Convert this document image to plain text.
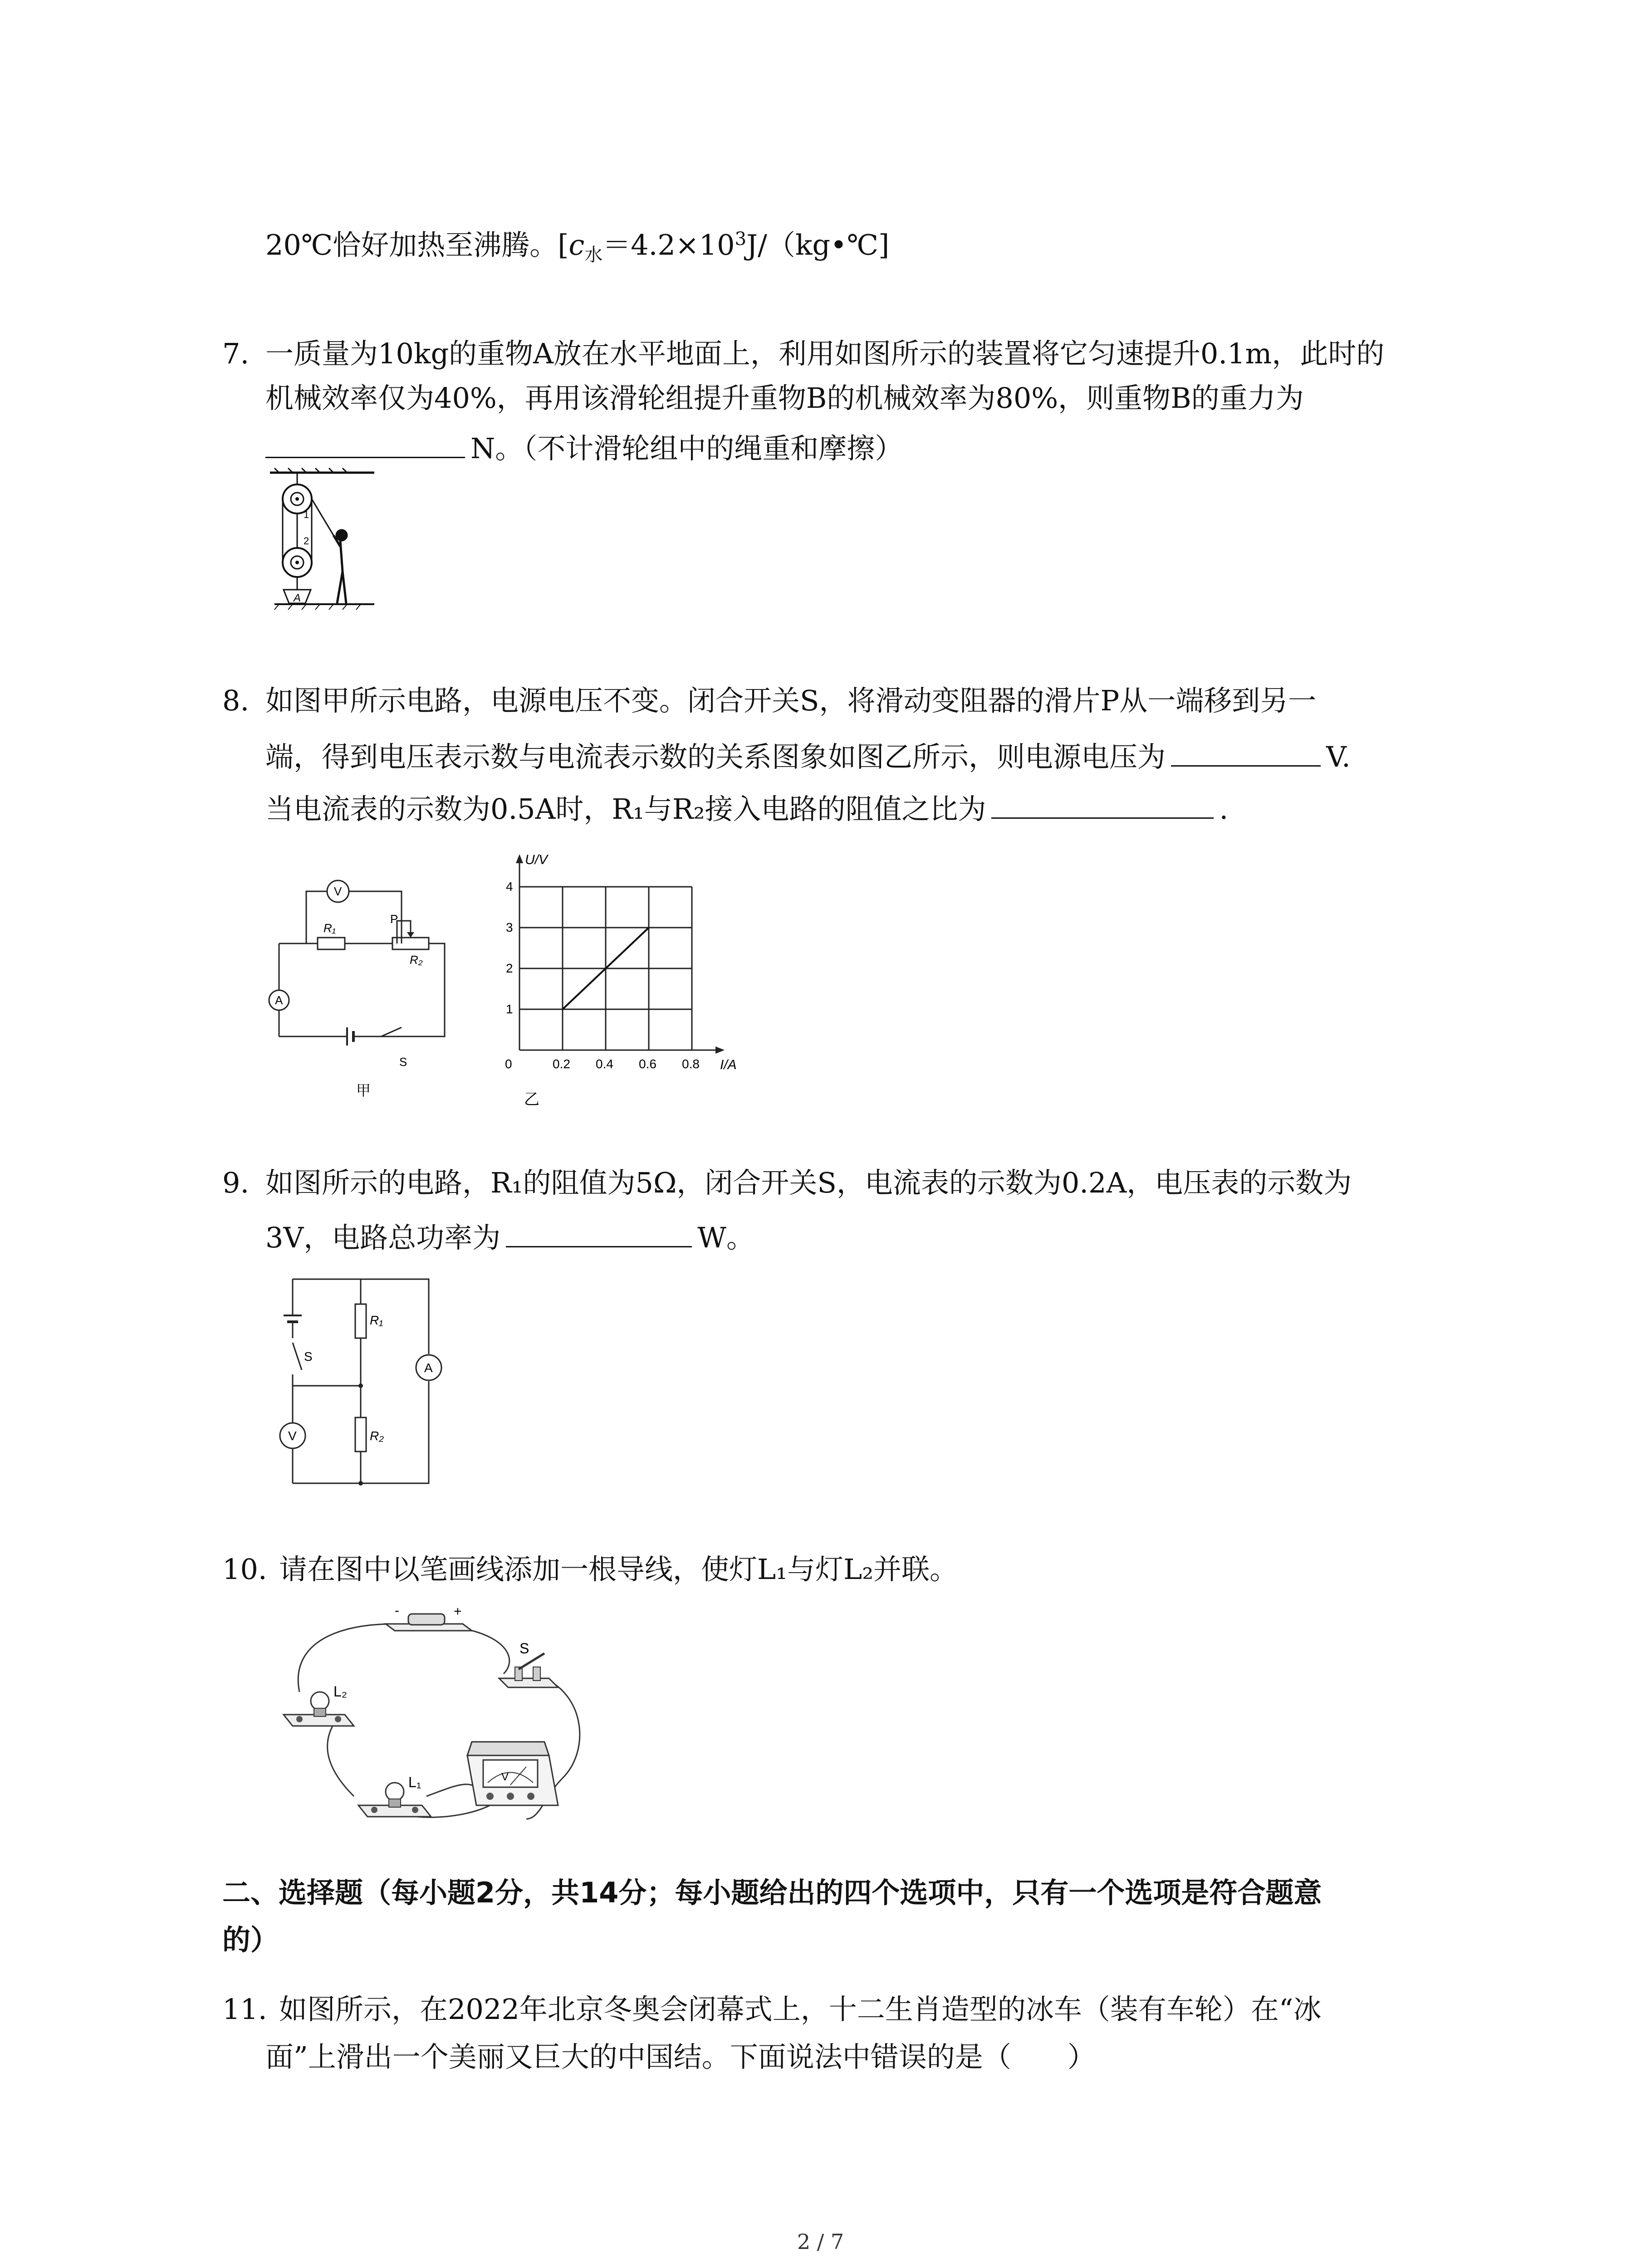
20℃恰好加热至沸腾。[$c_水=4.2\times 10^3J/(kg•℃]$
7. 一质量为10kg的重物A放在水平地面上，利用如图所示的装置将它匀速提升0.1m，此时的
机械效率仅为40%，再用该滑轮组提升重物B的机械效率为80%，则重物B的重力为
N。（不计滑轮组中的绳重和摩擦）
1
2
A
8. 如图甲所示电路，电源电压不变。闭合开关S，将滑动变阻器的滑片P从一端移到另一
端，得到电压表示数与电流表示数的关系图象如图乙所示，则电源电压为	V.
当电流表的示数为0.5A时，R₁与R₂接入电路的阻值之比为	.
V
A
R₁
R₂
P
S
甲
0.2 0.4 0.6 0.8
1
2
3
4
0	I/A
U/V
乙
9. 如图所示的电路，R₁的阻值为5Ω，闭合开关S，电流表的示数为0.2A，电压表的示数为
3V，电路总功率为	W。
A
V
R₁
R₂
S
10. 请在图中以笔画线添加一根导线，使灯L₁与灯L₂并联。
-	+
S
L₂
L₁	V
二、选择题（每小题2分，共14分；每小题给出的四个选项中，只有一个选项是符合题意
的）
11. 如图所示，在2022年北京冬奥会闭幕式上，十二生肖造型的冰车（装有车轮）在“冰
面”上滑出一个美丽又巨大的中国结。下面说法中错误的是（　　）
2 / 7
